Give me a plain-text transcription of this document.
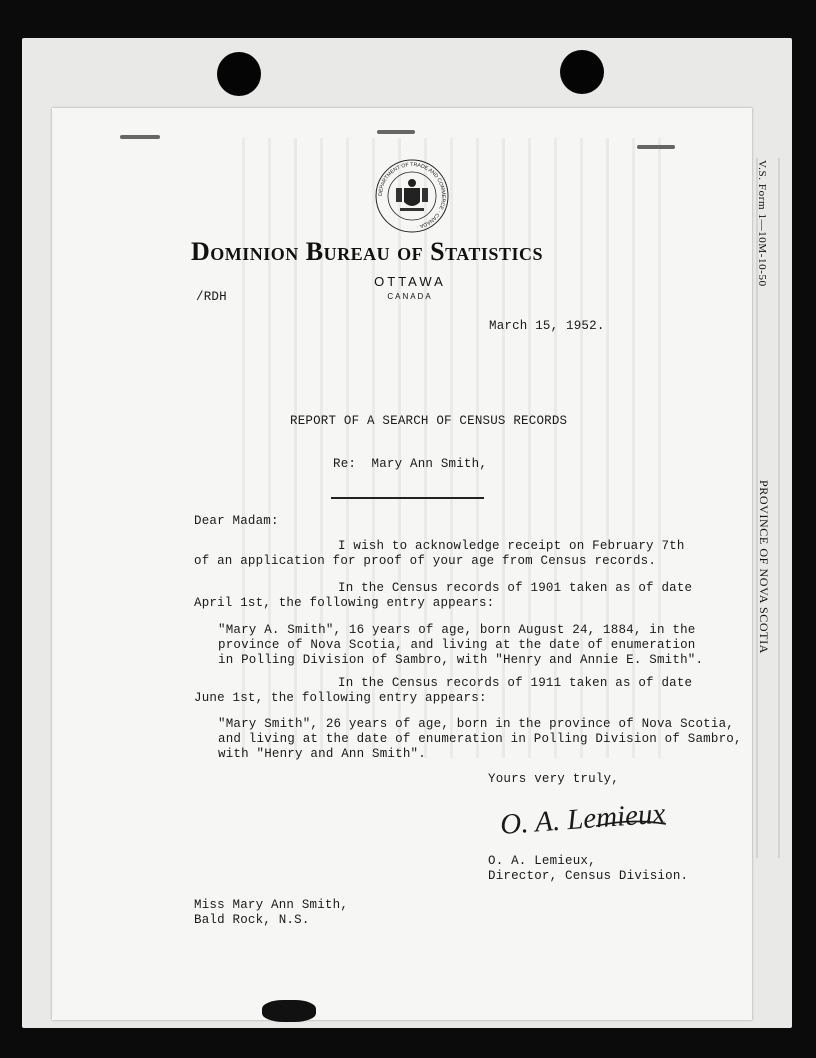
V.S. Form 1—10M-10-50
PROVINCE OF NOVA SCOTIA
DEPARTMENT OF TRADE AND COMMERCE · CANADA ·
Dominion Bureau of Statistics
OTTAWA
CANADA
/RDH
March 15, 1952.
REPORT OF A SEARCH OF CENSUS RECORDS
Re:  Mary Ann Smith,
Dear Madam:
I wish to acknowledge receipt on February 7th
of an application for proof of your age from Census records.
In the Census records of 1901 taken as of date
April 1st, the following entry appears:
"Mary A. Smith", 16 years of age, born August 24, 1884, in the
province of Nova Scotia, and living at the date of enumeration
in Polling Division of Sambro, with "Henry and Annie E. Smith".
In the Census records of 1911 taken as of date
June 1st, the following entry appears:
"Mary Smith", 26 years of age, born in the province of Nova Scotia,
and living at the date of enumeration in Polling Division of Sambro,
with "Henry and Ann Smith".
Yours very truly,
O. A. Lemieux
O. A. Lemieux,
Director, Census Division.
Miss Mary Ann Smith,
Bald Rock, N.S.
